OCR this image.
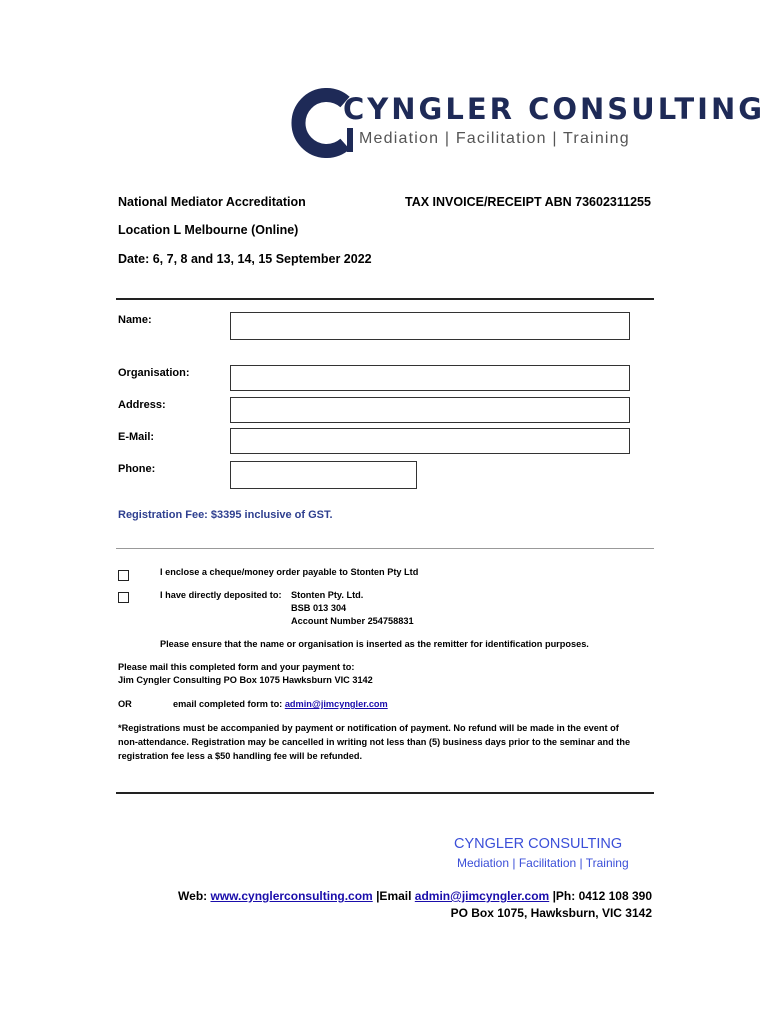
CYNGLER CONSULTING
Mediation | Facilitation | Training
National Mediator Accreditation	TAX INVOICE/RECEIPT ABN 73602311255
Location L Melbourne (Online)
Date: 6, 7, 8 and 13, 14, 15 September 2022
Name:
Organisation:
Address:
E-Mail:
Phone:
Registration Fee: $3395 inclusive of GST.
I enclose a cheque/money order payable to Stonten Pty Ltd
I have directly deposited to: Stonten Pty. Ltd.
BSB 013 304
Account Number 254758831
Please ensure that the name or organisation is inserted as the remitter for identification purposes.
Please mail this completed form and your payment to:
Jim Cyngler Consulting PO Box 1075 Hawksburn VIC 3142
OR	email completed form to: admin@jimcyngler.com
*Registrations must be accompanied by payment or notification of payment. No refund will be made in the event of
non-attendance. Registration may be cancelled in writing not less than (5) business days prior to the seminar and the
registration fee less a $50 handling fee will be refunded.
CYNGLER CONSULTING
Mediation | Facilitation | Training
Web: www.cynglerconsulting.com |Email admin@jimcyngler.com |Ph: 0412 108 390
PO Box 1075, Hawksburn, VIC 3142
